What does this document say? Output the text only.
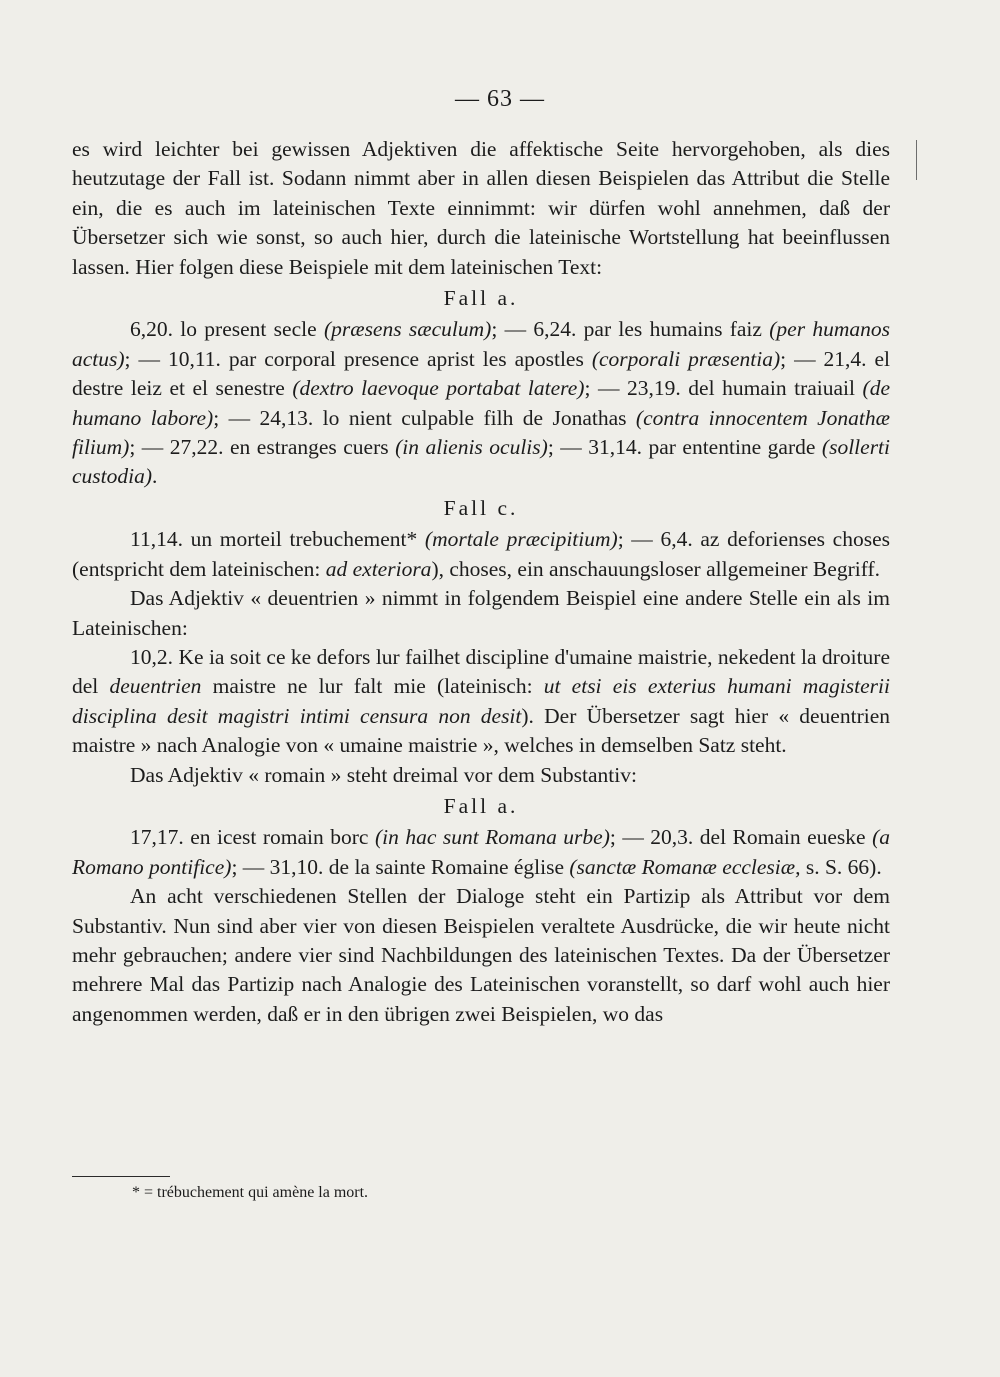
— 63 —

es wird leichter bei gewissen Adjektiven die affektische Seite hervorgehoben, als dies heutzutage der Fall ist. Sodann nimmt aber in allen diesen Beispielen das Attribut die Stelle ein, die es auch im lateinischen Texte einnimmt: wir dürfen wohl annehmen, daß der Übersetzer sich wie sonst, so auch hier, durch die lateinische Wortstellung hat beeinflussen lassen. Hier folgen diese Beispiele mit dem lateinischen Text:

Fall a.

6,20. lo present secle (præsens sæculum); — 6,24. par les humains faiz (per humanos actus); — 10,11. par corporal presence aprist les apostles (corporali præsentia); — 21,4. el destre leiz et el senestre (dextro laevoque portabat latere); — 23,19. del humain traiuail (de humano labore); — 24,13. lo nient culpable filh de Jonathas (contra innocentem Jonathæ filium); — 27,22. en estranges cuers (in alienis oculis); — 31,14. par ententine garde (sollerti custodia).

Fall c.

11,14. un morteil trebuchement* (mortale præcipitium); — 6,4. az deforienses choses (entspricht dem lateinischen: ad exteriora), choses, ein anschauungsloser allgemeiner Begriff.

Das Adjektiv « deuentrien » nimmt in folgendem Beispiel eine andere Stelle ein als im Lateinischen:

10,2. Ke ia soit ce ke defors lur failhet discipline d'umaine maistrie, nekedent la droiture del deuentrien maistre ne lur falt mie (lateinisch: ut etsi eis exterius humani magisterii disciplina desit magistri intimi censura non desit). Der Übersetzer sagt hier « deuentrien maistre » nach Analogie von « umaine maistrie », welches in demselben Satz steht.

Das Adjektiv « romain » steht dreimal vor dem Substantiv:

Fall a.

17,17. en icest romain borc (in hac sunt Romana urbe); — 20,3. del Romain eueske (a Romano pontifice); — 31,10. de la sainte Romaine église (sanctæ Romanæ ecclesiæ, s. S. 66).

An acht verschiedenen Stellen der Dialoge steht ein Partizip als Attribut vor dem Substantiv. Nun sind aber vier von diesen Beispielen veraltete Ausdrücke, die wir heute nicht mehr gebrauchen; andere vier sind Nachbildungen des lateinischen Textes. Da der Übersetzer mehrere Mal das Partizip nach Analogie des Lateinischen voranstellt, so darf wohl auch hier angenommen werden, daß er in den übrigen zwei Beispielen, wo das

* = trébuchement qui amène la mort.
